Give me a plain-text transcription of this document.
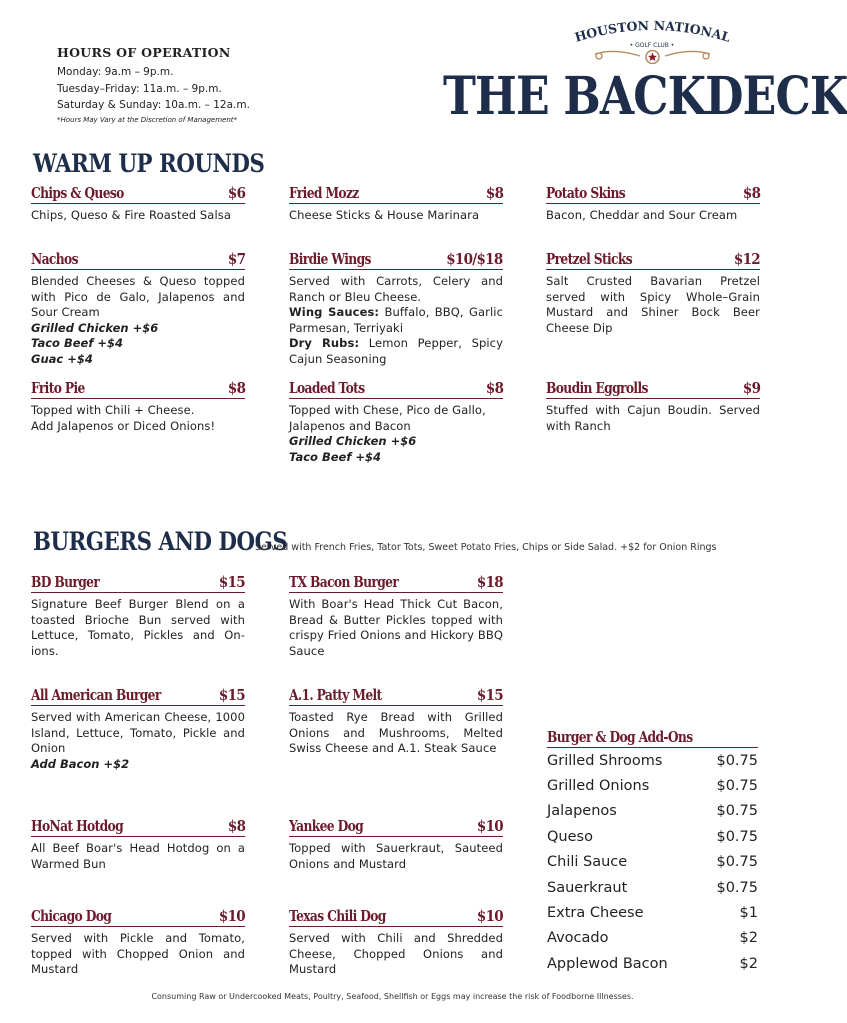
HOURS OF OPERATION
Monday: 9a.m – 9p.m.
Tuesday–Friday: 11a.m. – 9p.m.
Saturday & Sunday: 10a.m. – 12a.m.
*Hours May Vary at the Discretion of Management*
HOUSTON NATIONAL
• GOLF CLUB •
THE BACKDECK
WARM UP ROUNDS
Chips & Queso	$6
Chips, Queso & Fire Roasted Salsa
Fried Mozz	$8
Cheese Sticks & House Marinara
Potato Skins	$8
Bacon, Cheddar and Sour Cream
Nachos	$7
Blended Cheeses & Queso topped with Pico de Galo, Jalapenos and Sour Cream
Grilled Chicken +$6
Taco Beef +$4
Guac +$4
Birdie Wings	$10/$18
Served with Carrots, Celery and Ranch or Bleu Cheese.
Wing Sauces: Buffalo, BBQ, Garlic Parmesan, Terriyaki
Dry Rubs: Lemon Pepper, Spicy Cajun Seasoning
Pretzel Sticks	$12
Salt Crusted Bavarian Pretzel served with Spicy Whole–Grain Mustard and Shiner Bock Beer Cheese Dip
Frito Pie	$8
Topped with Chili + Cheese.
Add Jalapenos or Diced Onions!
Loaded Tots	$8
Topped with Chese, Pico de Gallo, Jalapenos and Bacon
Grilled Chicken +$6
Taco Beef +$4
Boudin Eggrolls	$9
Stuffed with Cajun Boudin. Served with Ranch
BURGERS AND DOGS
Served with French Fries, Tator Tots, Sweet Potato Fries, Chips or Side Salad. +$2 for Onion Rings
BD Burger	$15
Signature Beef Burger Blend on a toasted Brioche Bun served with Lettuce, Tomato, Pickles and On-ions.
TX Bacon Burger	$18
With Boar's Head Thick Cut Bacon, Bread & Butter Pickles topped with crispy Fried Onions and Hickory BBQ Sauce
All American Burger	$15
Served with American Cheese, 1000 Island, Lettuce, Tomato, Pickle and Onion
Add Bacon +$2
A.1. Patty Melt	$15
Toasted Rye Bread with Grilled Onions and Mushrooms, Melted Swiss Cheese and A.1. Steak Sauce
HoNat Hotdog	$8
All Beef Boar's Head Hotdog on a Warmed Bun
Yankee Dog	$10
Topped with Sauerkraut, Sauteed Onions and Mustard
Chicago Dog	$10
Served with Pickle and Tomato, topped with Chopped Onion and Mustard
Texas Chili Dog	$10
Served with Chili and Shredded Cheese, Chopped Onions and Mustard
Burger & Dog Add-Ons
Grilled Shrooms	$0.75
Grilled Onions	$0.75
Jalapenos	$0.75
Queso	$0.75
Chili Sauce	$0.75
Sauerkraut	$0.75
Extra Cheese	$1
Avocado	$2
Applewod Bacon	$2
Consuming Raw or Undercooked Meats, Poultry, Seafood, Shellfish or Eggs may increase the risk of Foodborne Illnesses.
